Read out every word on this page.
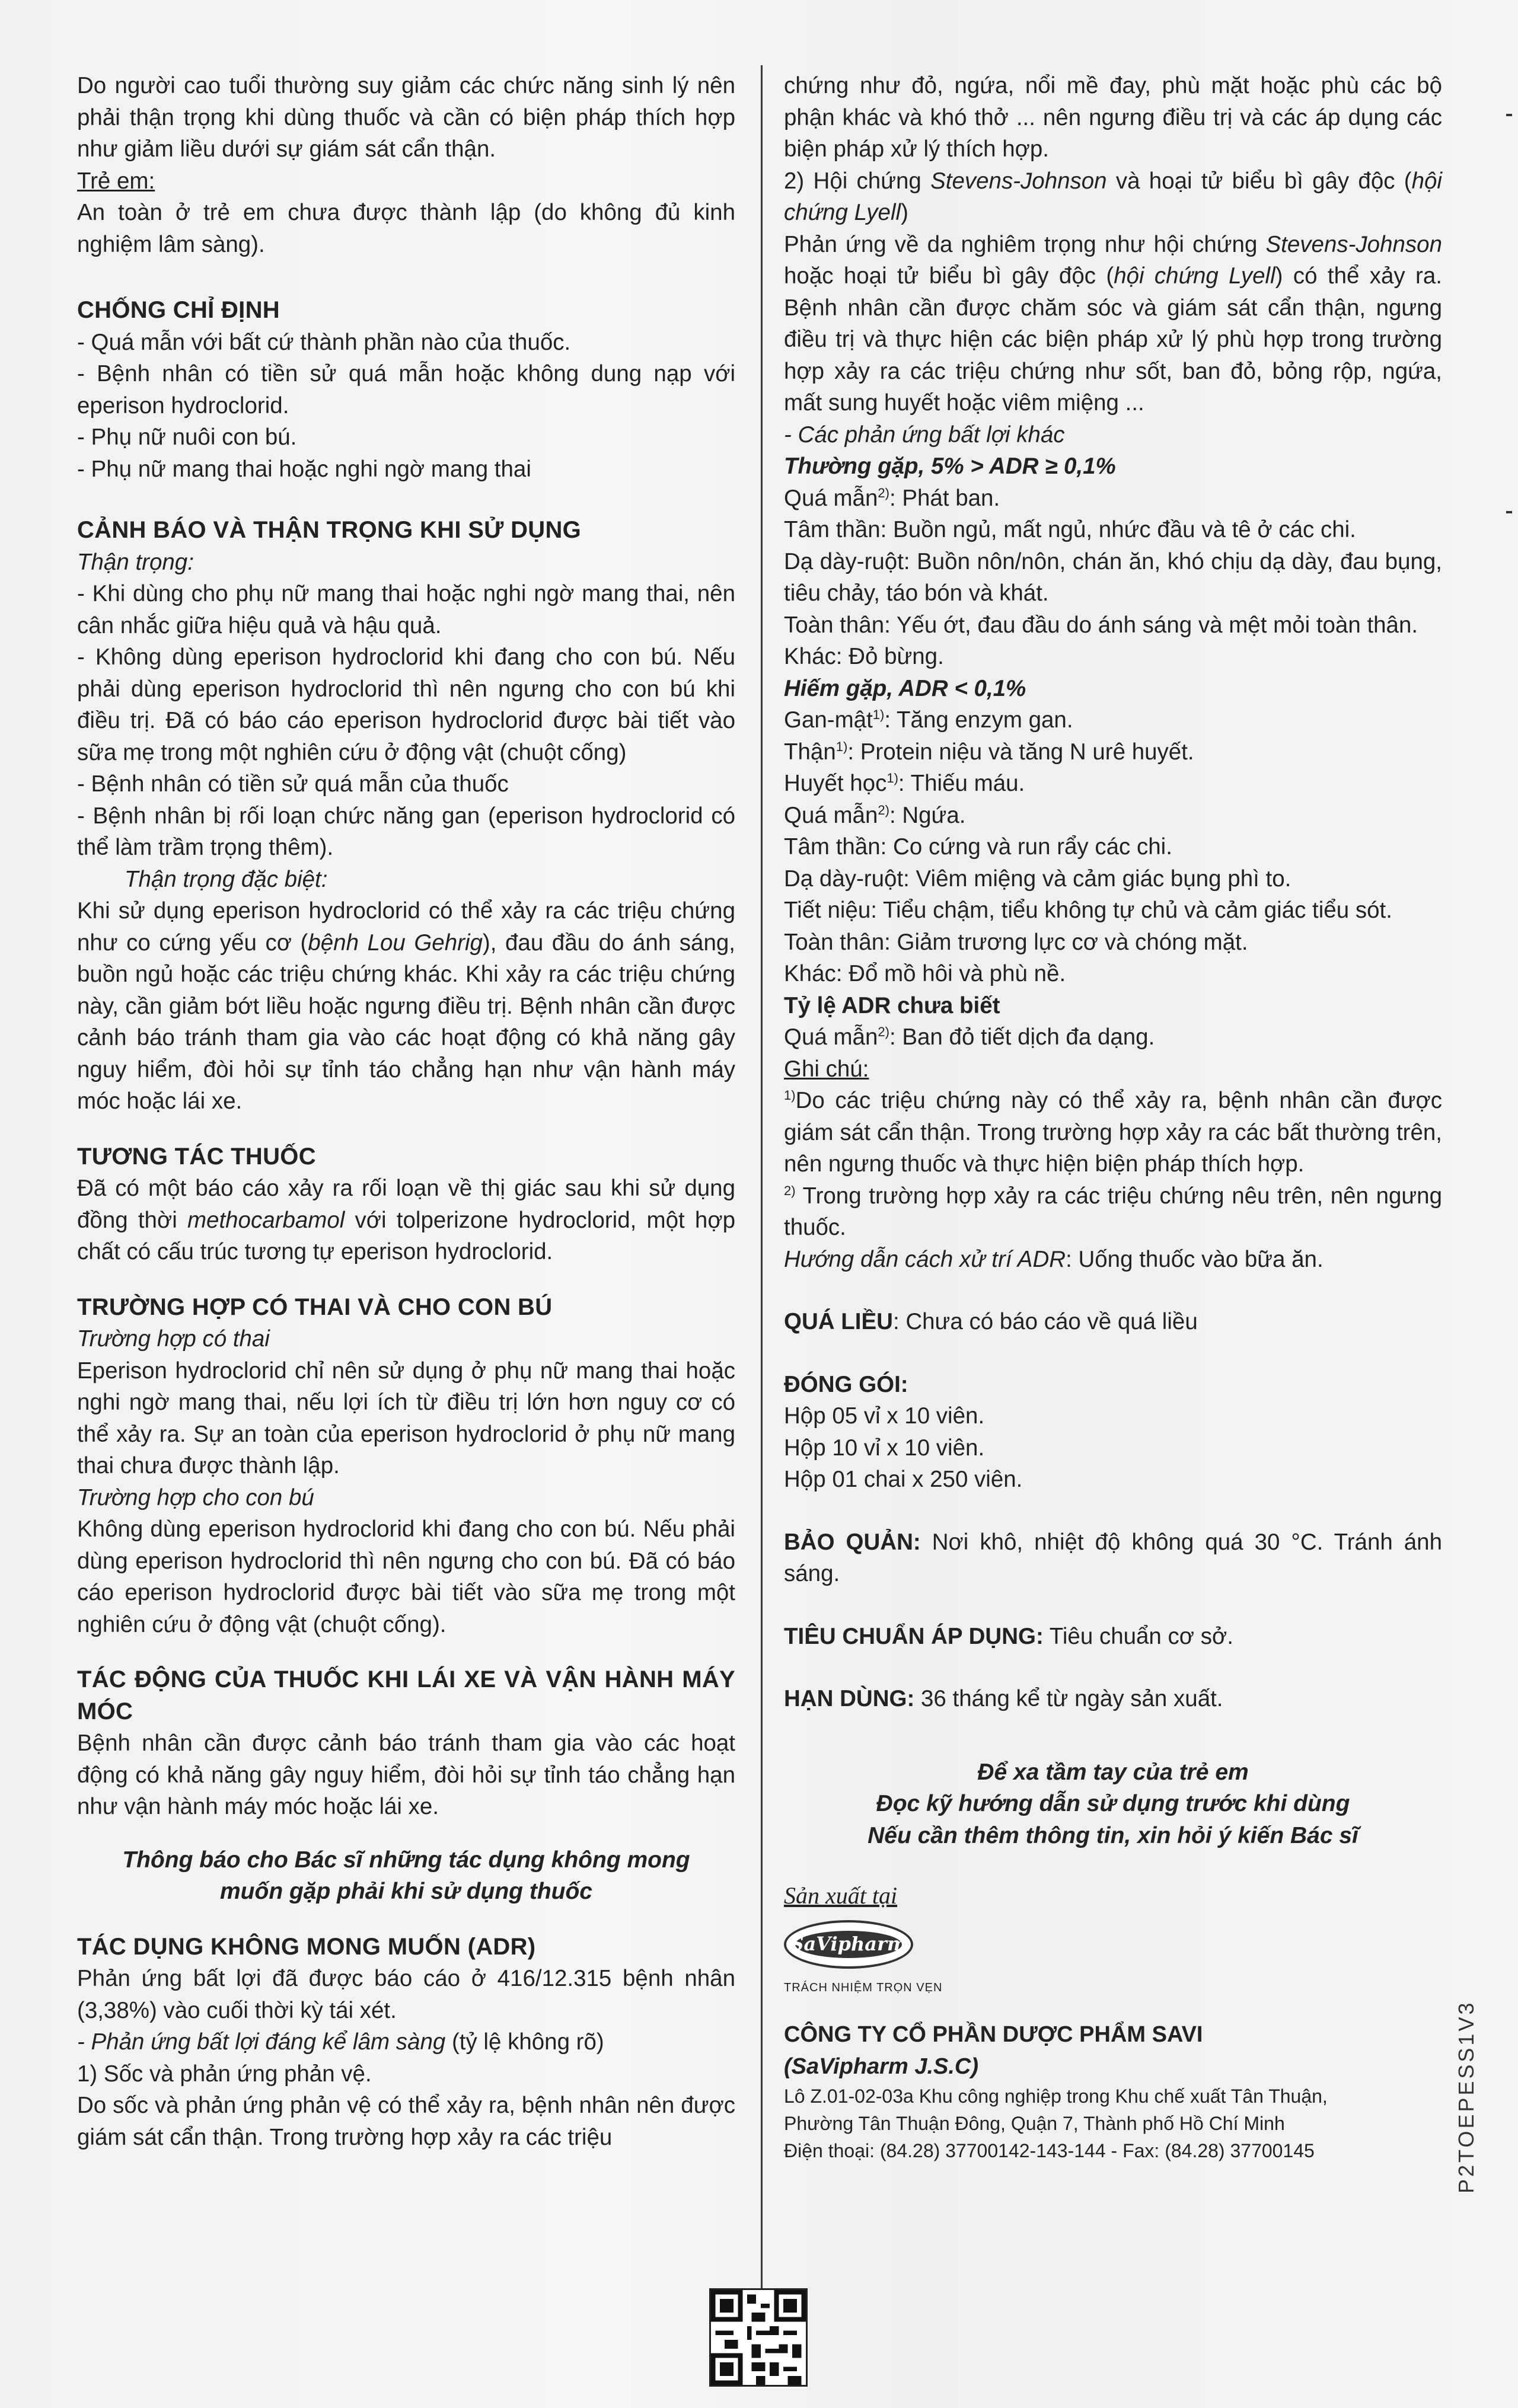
Do người cao tuổi thường suy giảm các chức năng sinh lý nên phải thận trọng khi dùng thuốc và cần có biện pháp thích hợp như giảm liều dưới sự giám sát cẩn thận.

Trẻ em:

An toàn ở trẻ em chưa được thành lập (do không đủ kinh nghiệm lâm sàng).

CHỐNG CHỈ ĐỊNH

- Quá mẫn với bất cứ thành phần nào của thuốc.

- Bệnh nhân có tiền sử quá mẫn hoặc không dung nạp với eperison hydroclorid.

- Phụ nữ nuôi con bú.

- Phụ nữ mang thai hoặc nghi ngờ mang thai

CẢNH BÁO VÀ THẬN TRỌNG KHI SỬ DỤNG

Thận trọng:

- Khi dùng cho phụ nữ mang thai hoặc nghi ngờ mang thai, nên cân nhắc giữa hiệu quả và hậu quả.

- Không dùng eperison hydroclorid khi đang cho con bú. Nếu phải dùng eperison hydroclorid thì nên ngưng cho con bú khi điều trị. Đã có báo cáo eperison hydroclorid được bài tiết vào sữa mẹ trong một nghiên cứu ở động vật (chuột cống)

- Bệnh nhân có tiền sử quá mẫn của thuốc

- Bệnh nhân bị rối loạn chức năng gan (eperison hydroclorid có thể làm trầm trọng thêm).

Thận trọng đặc biệt:

Khi sử dụng eperison hydroclorid có thể xảy ra các triệu chứng như co cứng yếu cơ (bệnh Lou Gehrig), đau đầu do ánh sáng, buồn ngủ hoặc các triệu chứng khác. Khi xảy ra các triệu chứng này, cần giảm bớt liều hoặc ngưng điều trị. Bệnh nhân cần được cảnh báo tránh tham gia vào các hoạt động có khả năng gây nguy hiểm, đòi hỏi sự tỉnh táo chẳng hạn như vận hành máy móc hoặc lái xe.

TƯƠNG TÁC THUỐC

Đã có một báo cáo xảy ra rối loạn về thị giác sau khi sử dụng đồng thời methocarbamol với tolperizone hydroclorid, một hợp chất có cấu trúc tương tự eperison hydroclorid.

TRƯỜNG HỢP CÓ THAI VÀ CHO CON BÚ

Trường hợp có thai

Eperison hydroclorid chỉ nên sử dụng ở phụ nữ mang thai hoặc nghi ngờ mang thai, nếu lợi ích từ điều trị lớn hơn nguy cơ có thể xảy ra. Sự an toàn của eperison hydroclorid ở phụ nữ mang thai chưa được thành lập.

Trường hợp cho con bú

Không dùng eperison hydroclorid khi đang cho con bú. Nếu phải dùng eperison hydroclorid thì nên ngưng cho con bú. Đã có báo cáo eperison hydroclorid được bài tiết vào sữa mẹ trong một nghiên cứu ở động vật (chuột cống).

TÁC ĐỘNG CỦA THUỐC KHI LÁI XE VÀ VẬN HÀNH MÁY MÓC

Bệnh nhân cần được cảnh báo tránh tham gia vào các hoạt động có khả năng gây nguy hiểm, đòi hỏi sự tỉnh táo chẳng hạn như vận hành máy móc hoặc lái xe.

Thông báo cho Bác sĩ những tác dụng không mong

muốn gặp phải khi sử dụng thuốc

TÁC DỤNG KHÔNG MONG MUỐN (ADR)

Phản ứng bất lợi đã được báo cáo ở 416/12.315 bệnh nhân (3,38%) vào cuối thời kỳ tái xét.

- Phản ứng bất lợi đáng kể lâm sàng (tỷ lệ không rõ)

1) Sốc và phản ứng phản vệ.

Do sốc và phản ứng phản vệ có thể xảy ra, bệnh nhân nên được giám sát cẩn thận. Trong trường hợp xảy ra các triệu

chứng như đỏ, ngứa, nổi mề đay, phù mặt hoặc phù các bộ phận khác và khó thở ... nên ngưng điều trị và các áp dụng các biện pháp xử lý thích hợp.

2) Hội chứng Stevens-Johnson và hoại tử biểu bì gây độc (hội chứng Lyell)

Phản ứng về da nghiêm trọng như hội chứng Stevens-Johnson hoặc hoại tử biểu bì gây độc (hội chứng Lyell) có thể xảy ra. Bệnh nhân cần được chăm sóc và giám sát cẩn thận, ngưng điều trị và thực hiện các biện pháp xử lý phù hợp trong trường hợp xảy ra các triệu chứng như sốt, ban đỏ, bỏng rộp, ngứa, mất sung huyết hoặc viêm miệng ...

- Các phản ứng bất lợi khác

Thường gặp, 5% > ADR ≥ 0,1%

Quá mẫn$^{2)}$: Phát ban.

Tâm thần: Buồn ngủ, mất ngủ, nhức đầu và tê ở các chi.

Dạ dày-ruột: Buồn nôn/nôn, chán ăn, khó chịu dạ dày, đau bụng, tiêu chảy, táo bón và khát.

Toàn thân: Yếu ớt, đau đầu do ánh sáng và mệt mỏi toàn thân.

Khác: Đỏ bừng.

Hiếm gặp, ADR < 0,1%

Gan-mật$^{1)}$: Tăng enzym gan.

Thận$^{1)}$: Protein niệu và tăng N urê huyết.

Huyết học$^{1)}$: Thiếu máu.

Quá mẫn$^{2)}$: Ngứa.

Tâm thần: Co cứng và run rẩy các chi.

Dạ dày-ruột: Viêm miệng và cảm giác bụng phì to.

Tiết niệu: Tiểu chậm, tiểu không tự chủ và cảm giác tiểu sót.

Toàn thân: Giảm trương lực cơ và chóng mặt.

Khác: Đổ mồ hôi và phù nề.

Tỷ lệ ADR chưa biết

Quá mẫn$^{2)}$: Ban đỏ tiết dịch đa dạng.

Ghi chú:

$^{1)}$Do các triệu chứng này có thể xảy ra, bệnh nhân cần được giám sát cẩn thận. Trong trường hợp xảy ra các bất thường trên, nên ngưng thuốc và thực hiện biện pháp thích hợp.

$^{2)}$ Trong trường hợp xảy ra các triệu chứng nêu trên, nên ngưng thuốc.

Hướng dẫn cách xử trí ADR: Uống thuốc vào bữa ăn.

QUÁ LIỀU: Chưa có báo cáo về quá liều

ĐÓNG GÓI:

Hộp 05 vỉ x 10 viên.

Hộp 10 vỉ x 10 viên.

Hộp 01 chai x 250 viên.

BẢO QUẢN: Nơi khô, nhiệt độ không quá 30 °C. Tránh ánh sáng.

TIÊU CHUẨN ÁP DỤNG: Tiêu chuẩn cơ sở.

HẠN DÙNG: 36 tháng kể từ ngày sản xuất.

Để xa tầm tay của trẻ em

Đọc kỹ hướng dẫn sử dụng trước khi dùng

Nếu cần thêm thông tin, xin hỏi ý kiến Bác sĩ

Sản xuất tại

SaVipharm
TRÁCH NHIỆM TRỌN VẸN

CÔNG TY CỔ PHẦN DƯỢC PHẨM SAVI

(SaVipharm J.S.C)

Lô Z.01-02-03a Khu công nghiệp trong Khu chế xuất Tân Thuận,

Phường Tân Thuận Đông, Quận 7, Thành phố Hồ Chí Minh

Điện thoại: (84.28) 37700142-143-144 - Fax: (84.28) 37700145	P2TOEPESS1V3
